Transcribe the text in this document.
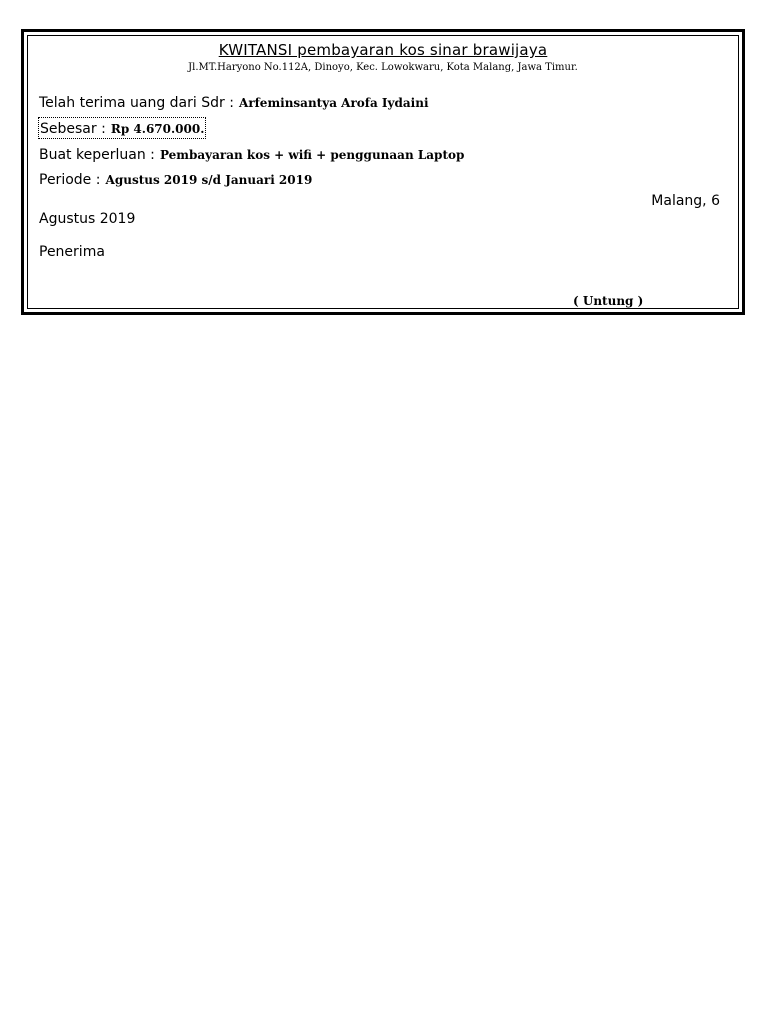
KWITANSI pembayaran kos sinar brawijaya
Jl.MT.Haryono No.112A, Dinoyo, Kec. Lowokwaru, Kota Malang, Jawa Timur.
Telah terima uang dari Sdr : Arfeminsantya Arofa Iydaini
Sebesar : Rp 4.670.000.
Buat keperluan : Pembayaran kos + wifi + penggunaan Laptop
Periode : Agustus 2019 s/d Januari 2019
Malang, 6
Agustus 2019
Penerima
( Untung )
